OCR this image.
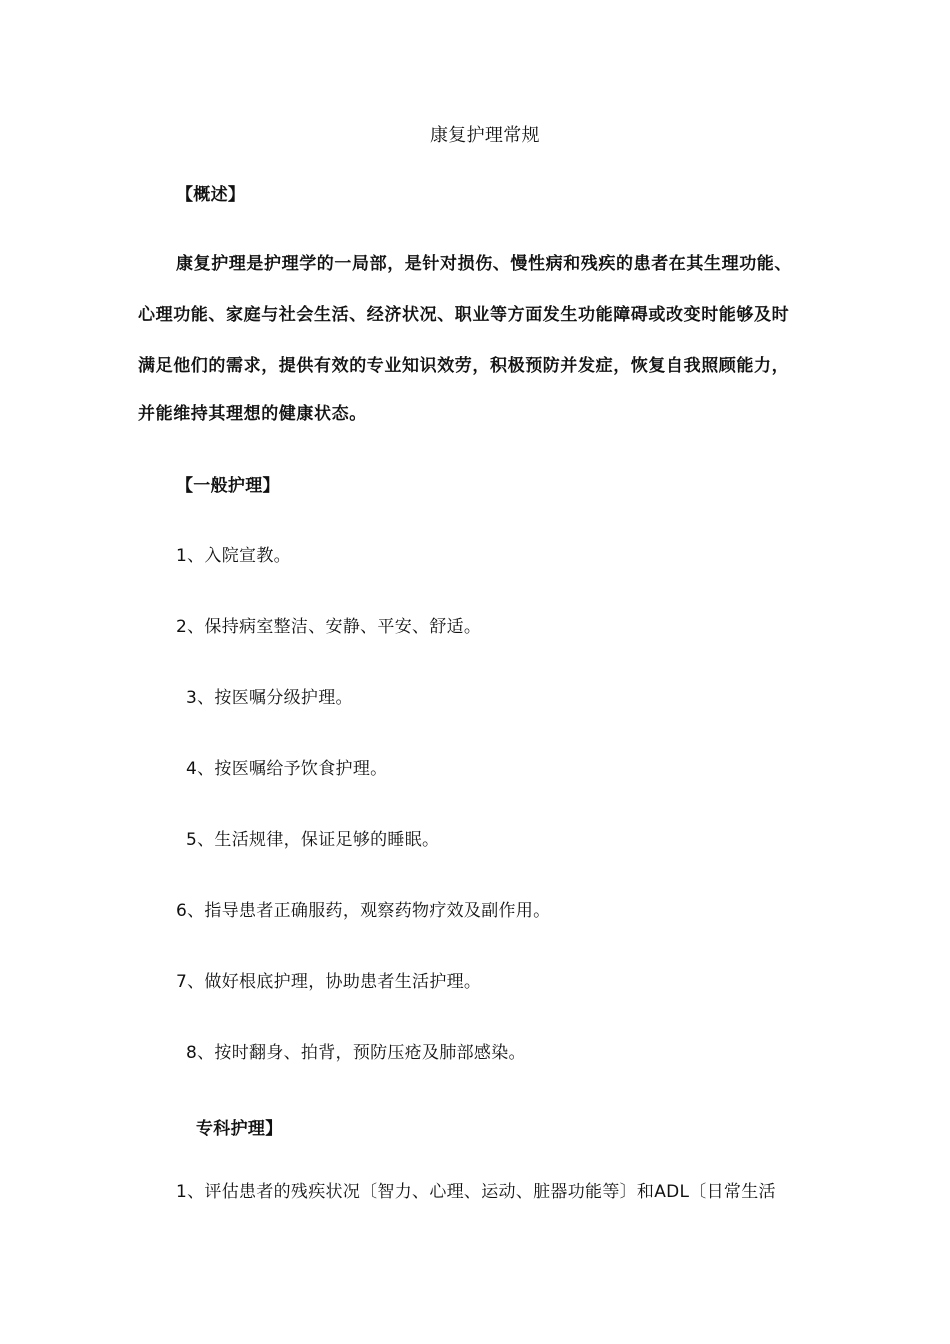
康复护理常规
【概述】
康复护理是护理学的一局部，是针对损伤、慢性病和残疾的患者在其生理功能、
心理功能、家庭与社会生活、经济状况、职业等方面发生功能障碍或改变时能够及时
满足他们的需求，提供有效的专业知识效劳，积极预防并发症，恢复自我照顾能力，
并能维持其理想的健康状态。
【一般护理】
1、入院宣教。
2、保持病室整洁、安静、平安、舒适。
3、按医嘱分级护理。
4、按医嘱给予饮食护理。
5、生活规律，保证足够的睡眠。
6、指导患者正确服药，观察药物疗效及副作用。
7、做好根底护理，协助患者生活护理。
8、按时翻身、拍背，预防压疮及肺部感染。
专科护理】
1、评估患者的残疾状况〔智力、心理、运动、脏器功能等〕和ADL〔日常生活
